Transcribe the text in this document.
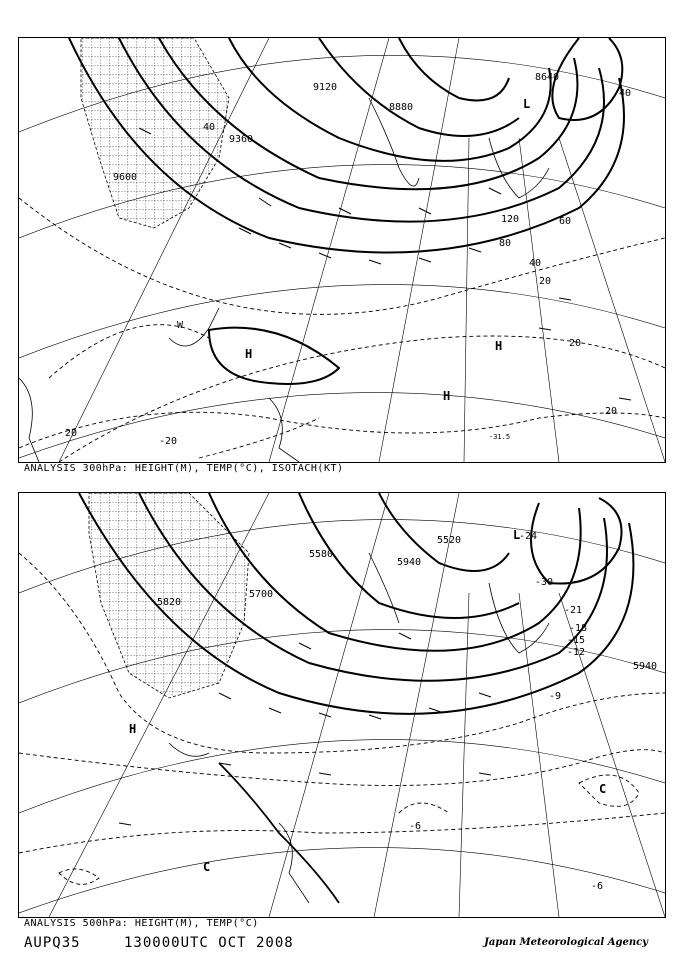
9600
9360
9120
8880
8640
40
60
120
40
20
20
20
80
40
20
-20	-31.5
H
H
H
L
W
ANALYSIS 300hPa: HEIGHT(M), TEMP(°C), ISOTACH(KT)
5580
5820
5700
5940
5520
5940
-24
-21
-18
-15
-12
-9
-6
-6
-30
H
C
C
L
ANALYSIS 500hPa: HEIGHT(M), TEMP(°C)
AUPQ35	130000UTC OCT 2008	Japan Meteorological Agency
